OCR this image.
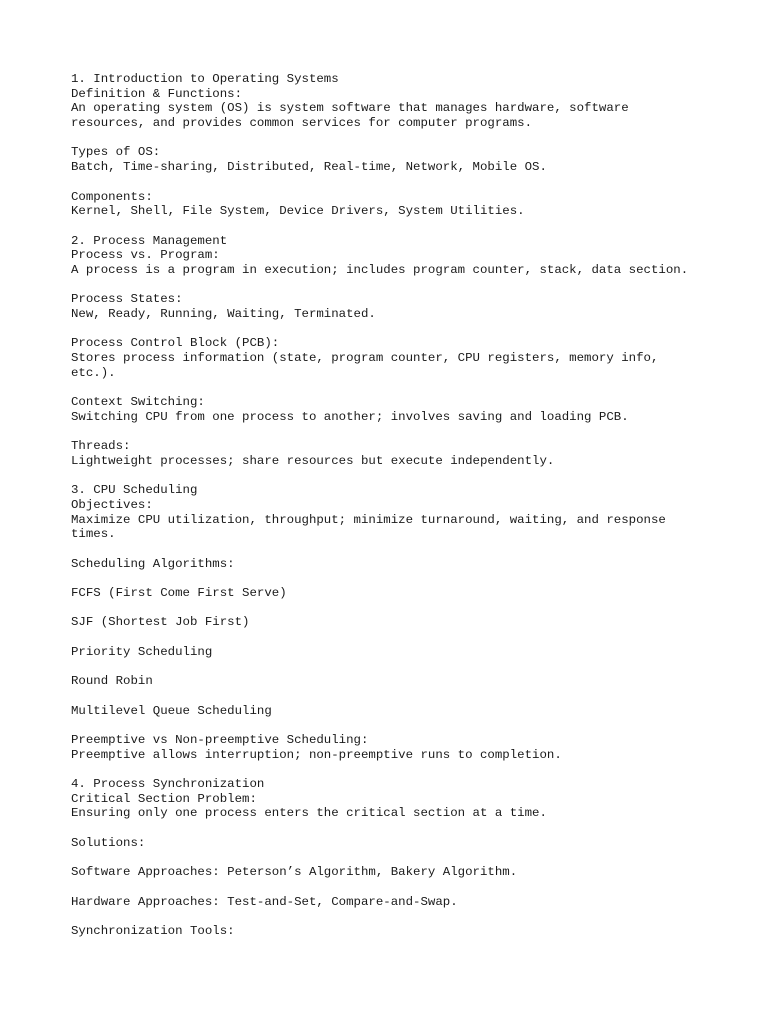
1. Introduction to Operating Systems
Definition & Functions:
An operating system (OS) is system software that manages hardware, software
resources, and provides common services for computer programs.
Types of OS:
Batch, Time-sharing, Distributed, Real-time, Network, Mobile OS.
Components:
Kernel, Shell, File System, Device Drivers, System Utilities.
2. Process Management
Process vs. Program:
A process is a program in execution; includes program counter, stack, data section.
Process States:
New, Ready, Running, Waiting, Terminated.
Process Control Block (PCB):
Stores process information (state, program counter, CPU registers, memory info,
etc.).
Context Switching:
Switching CPU from one process to another; involves saving and loading PCB.
Threads:
Lightweight processes; share resources but execute independently.
3. CPU Scheduling
Objectives:
Maximize CPU utilization, throughput; minimize turnaround, waiting, and response
times.
Scheduling Algorithms:
FCFS (First Come First Serve)
SJF (Shortest Job First)
Priority Scheduling
Round Robin
Multilevel Queue Scheduling
Preemptive vs Non-preemptive Scheduling:
Preemptive allows interruption; non-preemptive runs to completion.
4. Process Synchronization
Critical Section Problem:
Ensuring only one process enters the critical section at a time.
Solutions:
Software Approaches: Peterson’s Algorithm, Bakery Algorithm.
Hardware Approaches: Test-and-Set, Compare-and-Swap.
Synchronization Tools:
